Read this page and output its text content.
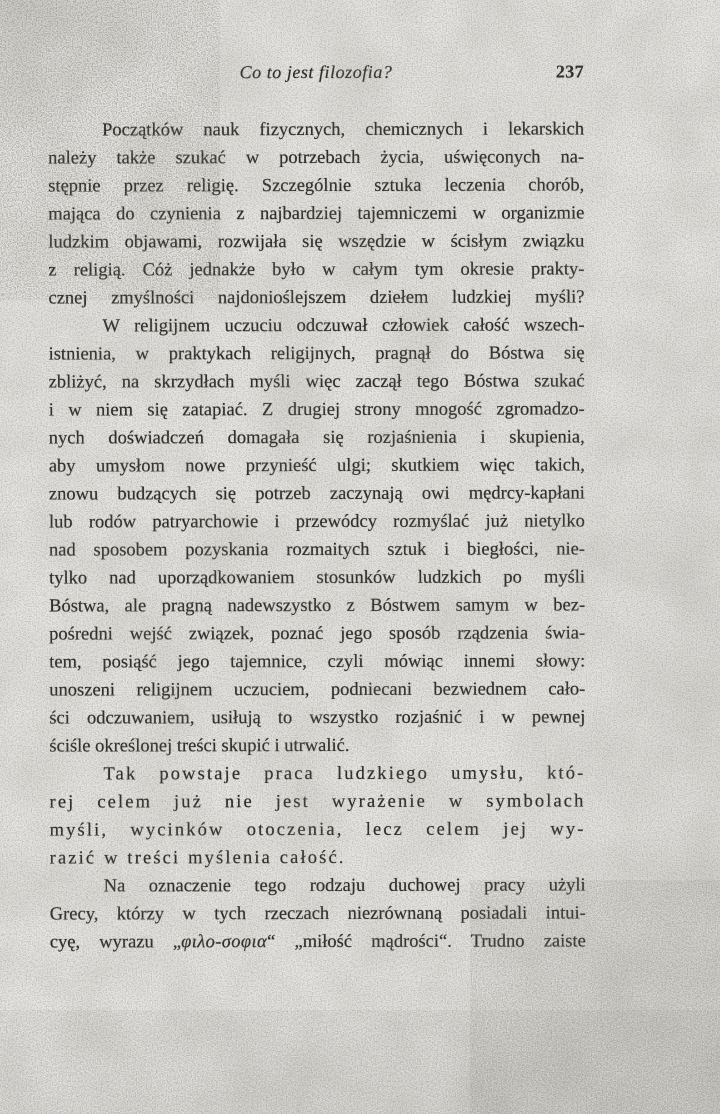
237
Co to jest filozofia?
Początków nauk fizycznych, chemicznych i lekarskich
należy także szukać w potrzebach życia, uświęconych na-
stępnie przez religię. Szczególnie sztuka leczenia chorób,
mająca do czynienia z najbardziej tajemniczemi w organizmie
ludzkim objawami, rozwijała się wszędzie w ścisłym związku
z religią. Cóż jednakże było w całym tym okresie prakty-
cznej zmyślności najdonioślejszem dziełem ludzkiej myśli?
W religijnem uczuciu odczuwał człowiek całość wszech-
istnienia, w praktykach religijnych, pragnął do Bóstwa się
zbliżyć, na skrzydłach myśli więc zaczął tego Bóstwa szukać
i w niem się zatapiać. Z drugiej strony mnogość zgromadzo-
nych doświadczeń domagała się rozjaśnienia i skupienia,
aby umysłom nowe przynieść ulgi; skutkiem więc takich,
znowu budzących się potrzeb zaczynają owi mędrcy-kapłani
lub rodów patryarchowie i przewódcy rozmyślać już nietylko
nad sposobem pozyskania rozmaitych sztuk i biegłości, nie-
tylko nad uporządkowaniem stosunków ludzkich po myśli
Bóstwa, ale pragną nadewszystko z Bóstwem samym w bez-
pośredni wejść związek, poznać jego sposób rządzenia świa-
tem, posiąść jego tajemnice, czyli mówiąc innemi słowy:
unoszeni religijnem uczuciem, podniecani bezwiednem cało-
ści odczuwaniem, usiłują to wszystko rozjaśnić i w pewnej
ściśle określonej treści skupić i utrwalić.
Tak powstaje praca ludzkiego umysłu, któ-
rej celem już nie jest wyrażenie w symbolach
myśli, wycinków otoczenia, lecz celem jej wy-
razić w treści myślenia całość.
Na oznaczenie tego rodzaju duchowej pracy użyli
Grecy, którzy w tych rzeczach niezrównaną posiadali intui-
cyę, wyrazu „φιλο-σοφια“ „miłość mądrości“. Trudno zaiste
